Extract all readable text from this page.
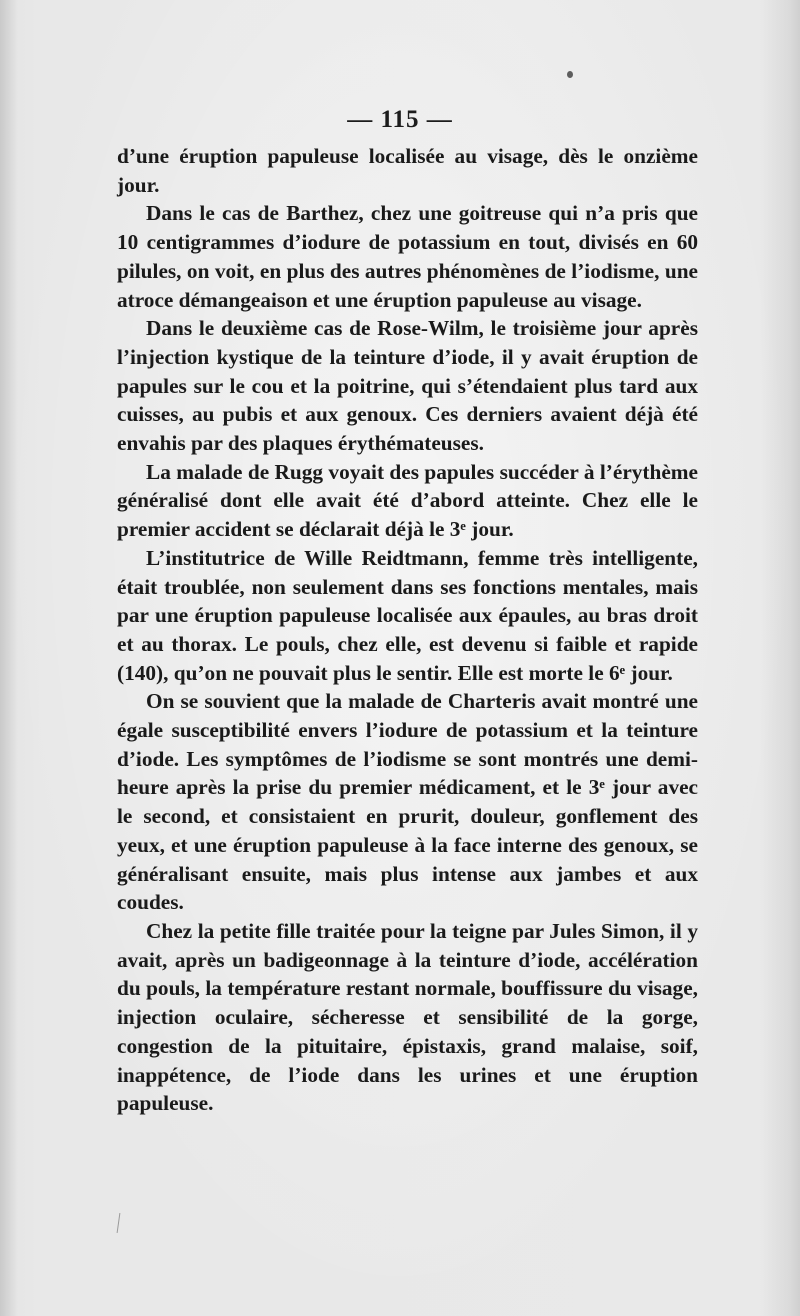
— 115 —

d’une éruption papuleuse localisée au visage, dès le onzième jour.

Dans le cas de Barthez, chez une goitreuse qui n’a pris que 10 centigrammes d’iodure de potassium en tout, divisés en 60 pilules, on voit, en plus des autres phénomènes de l’iodisme, une atroce démangeaison et une éruption papuleuse au visage.

Dans le deuxième cas de Rose-Wilm, le troisième jour après l’injection kystique de la teinture d’iode, il y avait éruption de papules sur le cou et la poitrine, qui s’étendaient plus tard aux cuisses, au pubis et aux genoux. Ces derniers avaient déjà été envahis par des plaques érythémateuses.

La malade de Rugg voyait des papules succéder à l’érythème généralisé dont elle avait été d’abord atteinte. Chez elle le premier accident se déclarait déjà le 3ᵉ jour.

L’institutrice de Wille Reidtmann, femme très intelligente, était troublée, non seulement dans ses fonctions mentales, mais par une éruption papuleuse localisée aux épaules, au bras droit et au thorax. Le pouls, chez elle, est devenu si faible et rapide (140), qu’on ne pouvait plus le sentir. Elle est morte le 6ᵉ jour.

On se souvient que la malade de Charteris avait montré une égale susceptibilité envers l’iodure de potassium et la teinture d’iode. Les symptômes de l’iodisme se sont montrés une demi-heure après la prise du premier médicament, et le 3ᵉ jour avec le second, et consistaient en prurit, douleur, gonflement des yeux, et une éruption papuleuse à la face interne des genoux, se généralisant ensuite, mais plus intense aux jambes et aux coudes.

Chez la petite fille traitée pour la teigne par Jules Simon, il y avait, après un badigeonnage à la teinture d’iode, accélération du pouls, la température restant normale, bouffissure du visage, injection oculaire, sécheresse et sensibilité de la gorge, congestion de la pituitaire, épistaxis, grand malaise, soif, inappétence, de l’iode dans les urines et une éruption papuleuse.
